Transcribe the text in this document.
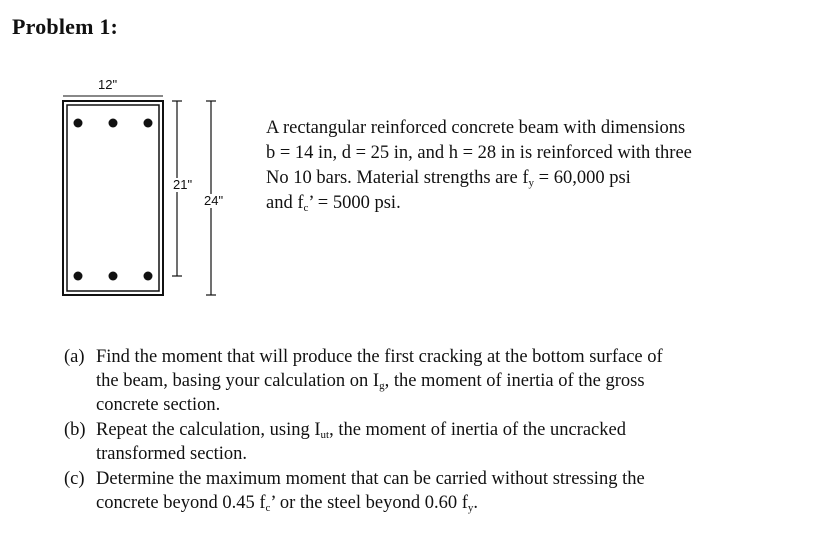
Problem 1:
12"
21"
24"
A rectangular reinforced concrete beam with dimensions
b = 14 in, d = 25 in, and h = 28 in is reinforced with three
No 10 bars. Material strengths are $f_y = 60,000$ psi
and $f_c$’ = 5000 psi.
(a) Find the moment that will produce the first cracking at the bottom surface of
the beam, basing your calculation on $I_g$, the moment of inertia of the gross
concrete section.
(b) Repeat the calculation, using $I_{ut}$, the moment of inertia of the uncracked
transformed section.
(c) Determine the maximum moment that can be carried without stressing the
concrete beyond 0.45 $f_c$’ or the steel beyond 0.60 $f_y$.
